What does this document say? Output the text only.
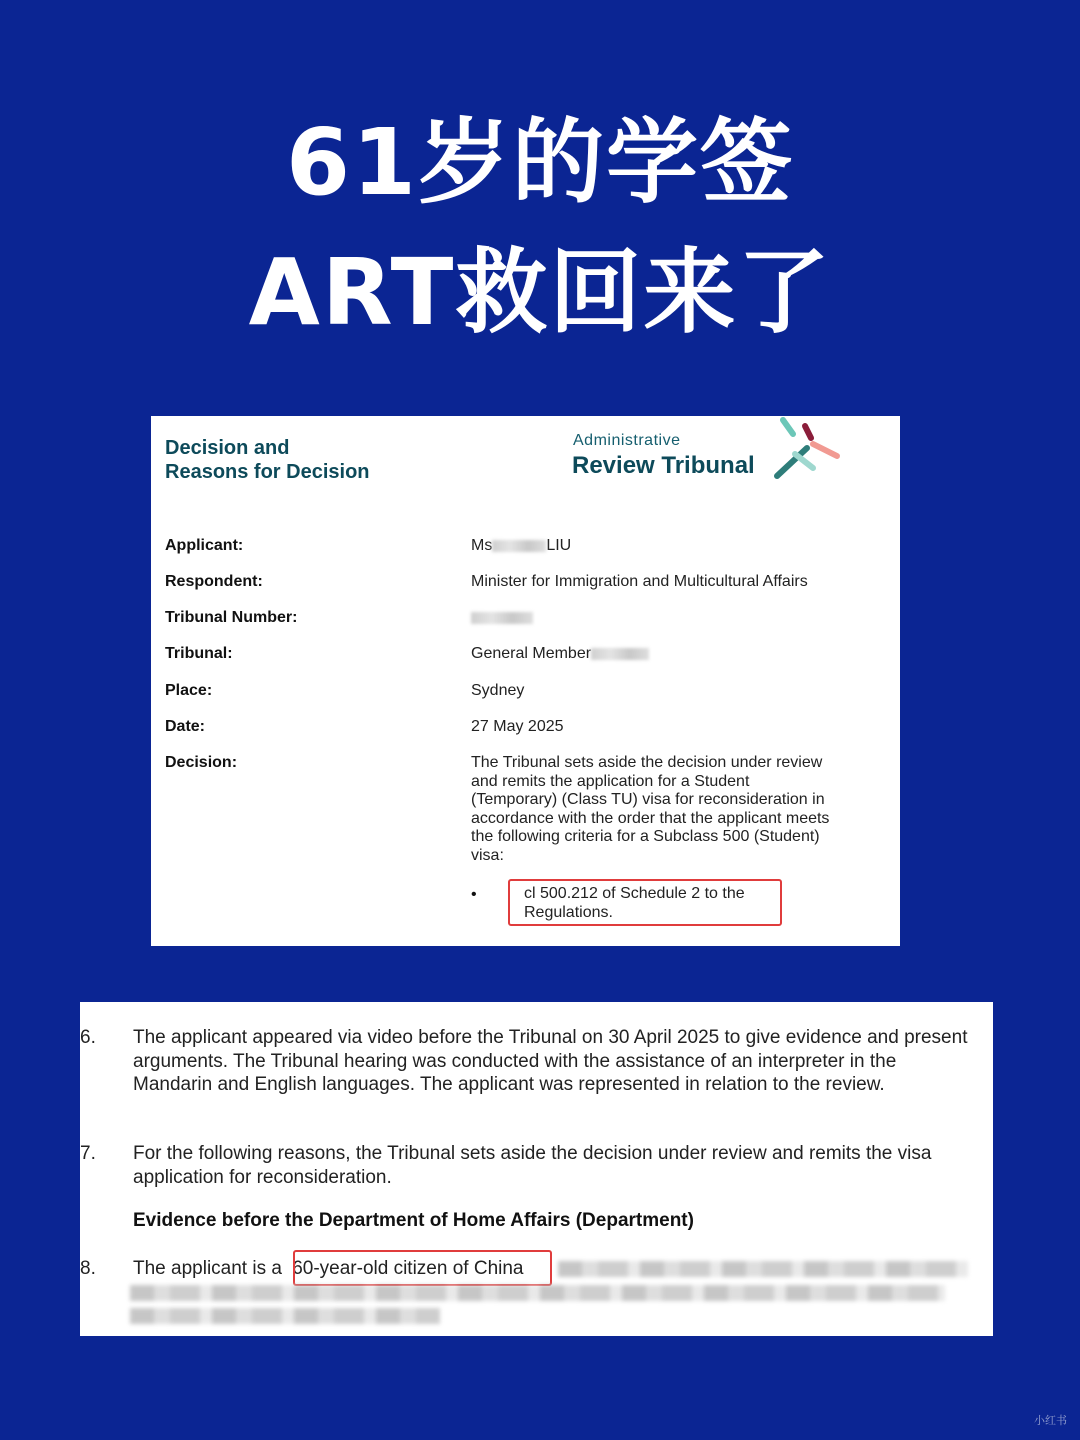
61岁的学签
ART救回来了
Decision and
Reasons for Decision
Administrative
Review Tribunal
Applicant:	Ms	LIU
Respondent:	Minister for Immigration and Multicultural Affairs
Tribunal Number:
Tribunal:	General Member
Place:	Sydney
Date:	27 May 2025
Decision:	The Tribunal sets aside the decision under review and remits the application for a Student (Temporary) (Class TU) visa for reconsideration in accordance with the order that the applicant meets the following criteria for a Subclass 500 (Student) visa:
•	cl 500.212 of Schedule 2 to the Regulations.
6. The applicant appeared via video before the Tribunal on 30 April 2025 to give evidence and present arguments. The Tribunal hearing was conducted with the assistance of an interpreter in the Mandarin and English languages. The applicant was represented in relation to the review.
7. For the following reasons, the Tribunal sets aside the decision under review and remits the visa application for reconsideration.
Evidence before the Department of Home Affairs (Department)
8. The applicant is a 60-year-old citizen of China
小红书
